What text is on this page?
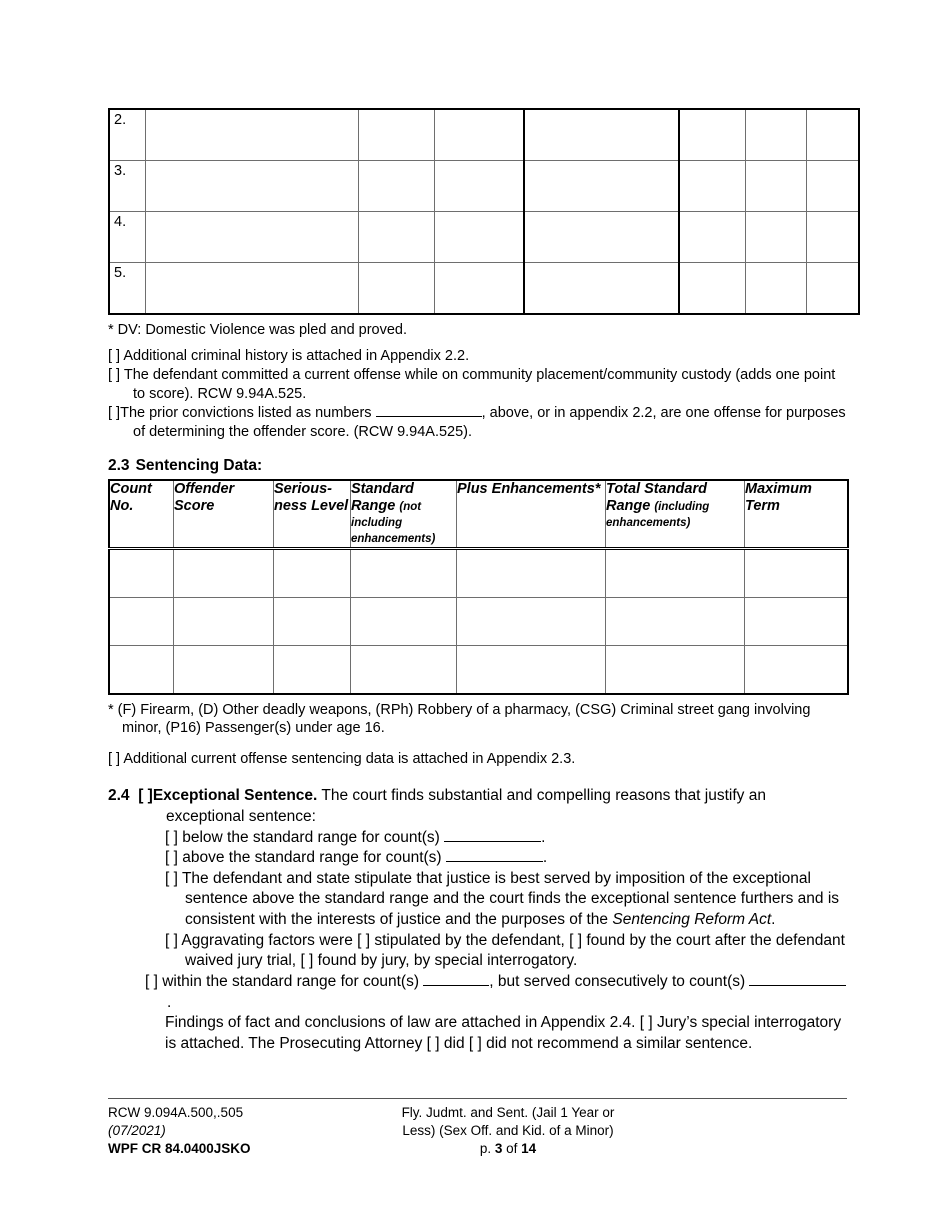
2.							
3.							
4.							
5.							
* DV: Domestic Violence was pled and proved.
[ ] Additional criminal history is attached in Appendix 2.2.
[ ] The defendant committed a current offense while on community placement/community custody (adds one point to score). RCW 9.94A.525.
[ ]The prior convictions listed as numbers	, above, or in appendix 2.2, are one offense for purposes of determining the offender score. (RCW 9.94A.525).
2.3 Sentencing Data:
Count No.	Offender Score	Serious-ness Level	Standard Range (not including enhancements)	Plus Enhancements*	Total Standard Range (including enhancements)	Maximum Term

* (F) Firearm, (D) Other deadly weapons, (RPh) Robbery of a pharmacy, (CSG) Criminal street gang involving minor, (P16) Passenger(s) under age 16.
[ ] Additional current offense sentencing data is attached in Appendix 2.3.
2.4 [ ]Exceptional Sentence. The court finds substantial and compelling reasons that justify an exceptional sentence:
[ ] below the standard range for count(s)	.
[ ] above the standard range for count(s)	.
[ ] The defendant and state stipulate that justice is best served by imposition of the exceptional sentence above the standard range and the court finds the exceptional sentence furthers and is consistent with the interests of justice and the purposes of the Sentencing Reform Act.
[ ] Aggravating factors were [ ] stipulated by the defendant, [ ] found by the court after the defendant waived jury trial, [ ] found by jury, by special interrogatory.
[ ] within the standard range for count(s)	, but served consecutively to count(s) .
Findings of fact and conclusions of law are attached in Appendix 2.4. [ ] Jury’s special interrogatory is attached. The Prosecuting Attorney [ ] did [ ] did not recommend a similar sentence.
RCW 9.094A.500,.505
(07/2021)
WPF CR 84.0400JSKO
Fly. Judmt. and Sent. (Jail 1 Year or
Less) (Sex Off. and Kid. of a Minor)
p. 3 of 14
